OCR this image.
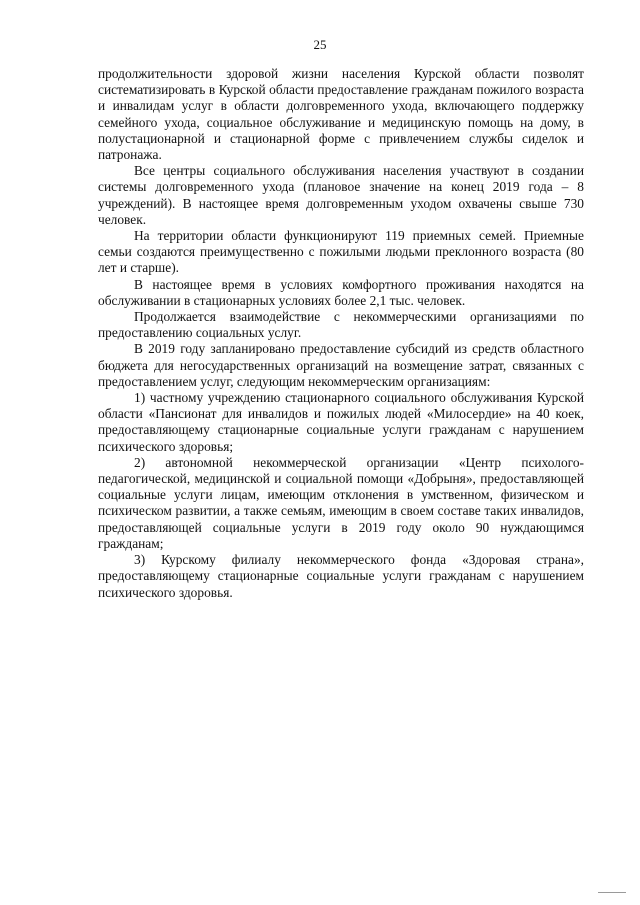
25

продолжительности здоровой жизни населения Курской области позволят систематизировать в Курской области предоставление гражданам пожилого возраста и инвалидам услуг в области долговременного ухода, включающего поддержку семейного ухода, социальное обслуживание и медицинскую помощь на дому, в полустационарной и стационарной форме с привлечением службы сиделок и патронажа.

Все центры социального обслуживания населения участвуют в создании системы долговременного ухода (плановое значение на конец 2019 года – 8 учреждений). В настоящее время долговременным уходом охвачены свыше 730 человек.

На территории области функционируют 119 приемных семей. Приемные семьи создаются преимущественно с пожилыми людьми преклонного возраста (80 лет и старше).

В настоящее время в условиях комфортного проживания находятся на обслуживании в стационарных условиях более 2,1 тыс. человек.

Продолжается взаимодействие с некоммерческими организациями по предоставлению социальных услуг.

В 2019 году запланировано предоставление субсидий из средств областного бюджета для негосударственных организаций на возмещение затрат, связанных с предоставлением услуг, следующим некоммерческим организациям:

1) частному учреждению стационарного социального обслуживания Курской области «Пансионат для инвалидов и пожилых людей «Милосердие» на 40 коек, предоставляющему стационарные социальные услуги гражданам с нарушением психического здоровья;

2) автономной некоммерческой организации «Центр психолого-педагогической, медицинской и социальной помощи «Добрыня», предоставляющей социальные услуги лицам, имеющим отклонения в умственном, физическом и психическом развитии, а также семьям, имеющим в своем составе таких инвалидов, предоставляющей социальные услуги в 2019 году около 90 нуждающимся гражданам;

3) Курскому филиалу некоммерческого фонда «Здоровая страна», предоставляющему стационарные социальные услуги гражданам с нарушением психического здоровья.
